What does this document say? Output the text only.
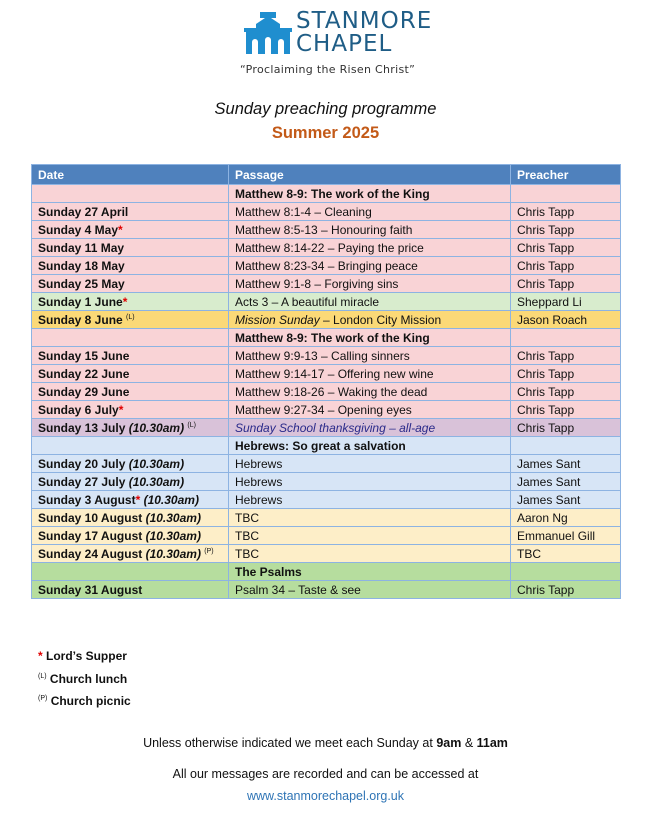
STANMORE
CHAPEL
“Proclaiming the Risen Christ”
Sunday preaching programme
Summer 2025
Date	Passage	Preacher
	Matthew 8-9: The work of the King	
Sunday 27 April	Matthew 8:1-4 – Cleaning	Chris Tapp
Sunday 4 May*	Matthew 8:5-13 – Honouring faith	Chris Tapp
Sunday 11 May	Matthew 8:14-22 – Paying the price	Chris Tapp
Sunday 18 May	Matthew 8:23-34 – Bringing peace	Chris Tapp
Sunday 25 May	Matthew 9:1-8 – Forgiving sins	Chris Tapp
Sunday 1 June*	Acts 3 – A beautiful miracle	Sheppard Li
Sunday 8 June $^{(L)}$	Mission Sunday – London City Mission	Jason Roach
	Matthew 8-9: The work of the King	
Sunday 15 June	Matthew 9:9-13 – Calling sinners	Chris Tapp
Sunday 22 June	Matthew 9:14-17 – Offering new wine	Chris Tapp
Sunday 29 June	Matthew 9:18-26 – Waking the dead	Chris Tapp
Sunday 6 July*	Matthew 9:27-34 – Opening eyes	Chris Tapp
Sunday 13 July (10.30am) $^{(L)}$	Sunday School thanksgiving – all-age	Chris Tapp
	Hebrews: So great a salvation	
Sunday 20 July (10.30am)	Hebrews	James Sant
Sunday 27 July (10.30am)	Hebrews	James Sant
Sunday 3 August* (10.30am)	Hebrews	James Sant
Sunday 10 August (10.30am)	TBC	Aaron Ng
Sunday 17 August (10.30am)	TBC	Emmanuel Gill
Sunday 24 August (10.30am) $^{(P)}$	TBC	TBC
	The Psalms	
Sunday 31 August	Psalm 34 – Taste & see	Chris Tapp
* Lord’s Supper
$^{(L)}$ Church lunch
$^{(P)}$ Church picnic
Unless otherwise indicated we meet each Sunday at 9am & 11am
All our messages are recorded and can be accessed at
www.stanmorechapel.org.uk
